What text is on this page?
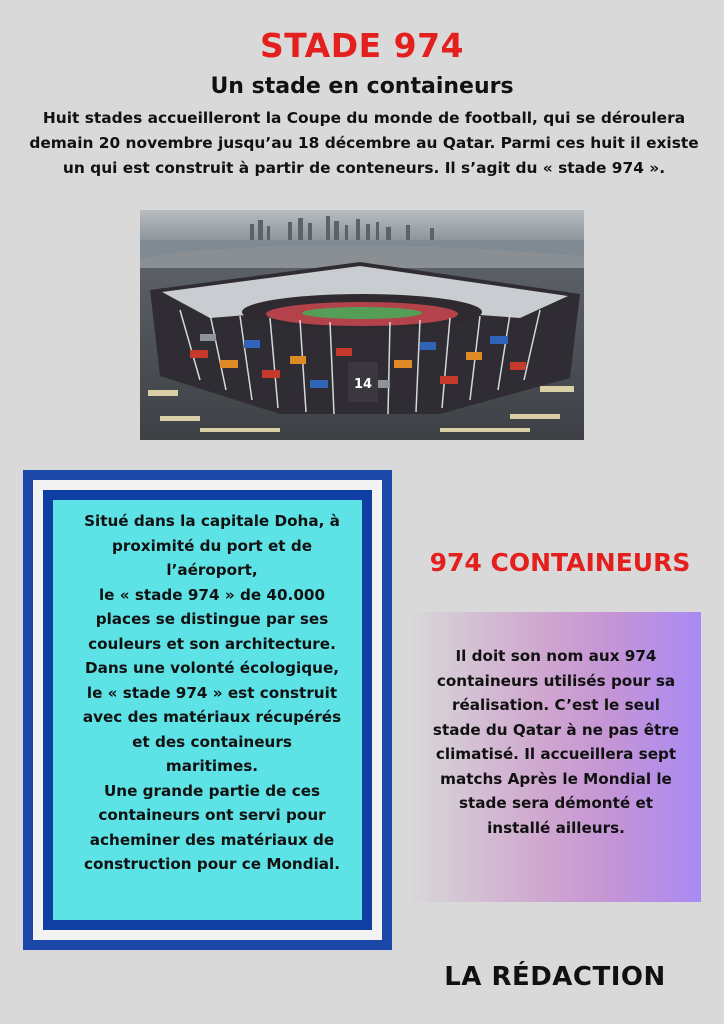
STADE 974
Un stade en containeurs
Huit stades accueilleront la Coupe du monde de football, qui se déroulera
demain 20 novembre jusqu’au 18 décembre au Qatar. Parmi ces huit il existe
un qui est construit à partir de conteneurs. Il s’agit du « stade 974 ».
14
Situé dans la capitale Doha, à
proximité du port et de
l’aéroport,
le « stade 974 » de 40.000
places se distingue par ses
couleurs et son architecture.
Dans une volonté écologique,
le « stade 974 » est construit
avec des matériaux récupérés
et des containeurs
maritimes.
Une grande partie de ces
containeurs ont servi pour
acheminer des matériaux de
construction pour ce Mondial.
974 CONTAINEURS
Il doit son nom aux 974
containeurs utilisés pour sa
réalisation. C’est le seul
stade du Qatar à ne pas être
climatisé. Il accueillera sept
matchs Après le Mondial le
stade sera démonté et
installé ailleurs.
LA RÉDACTION
